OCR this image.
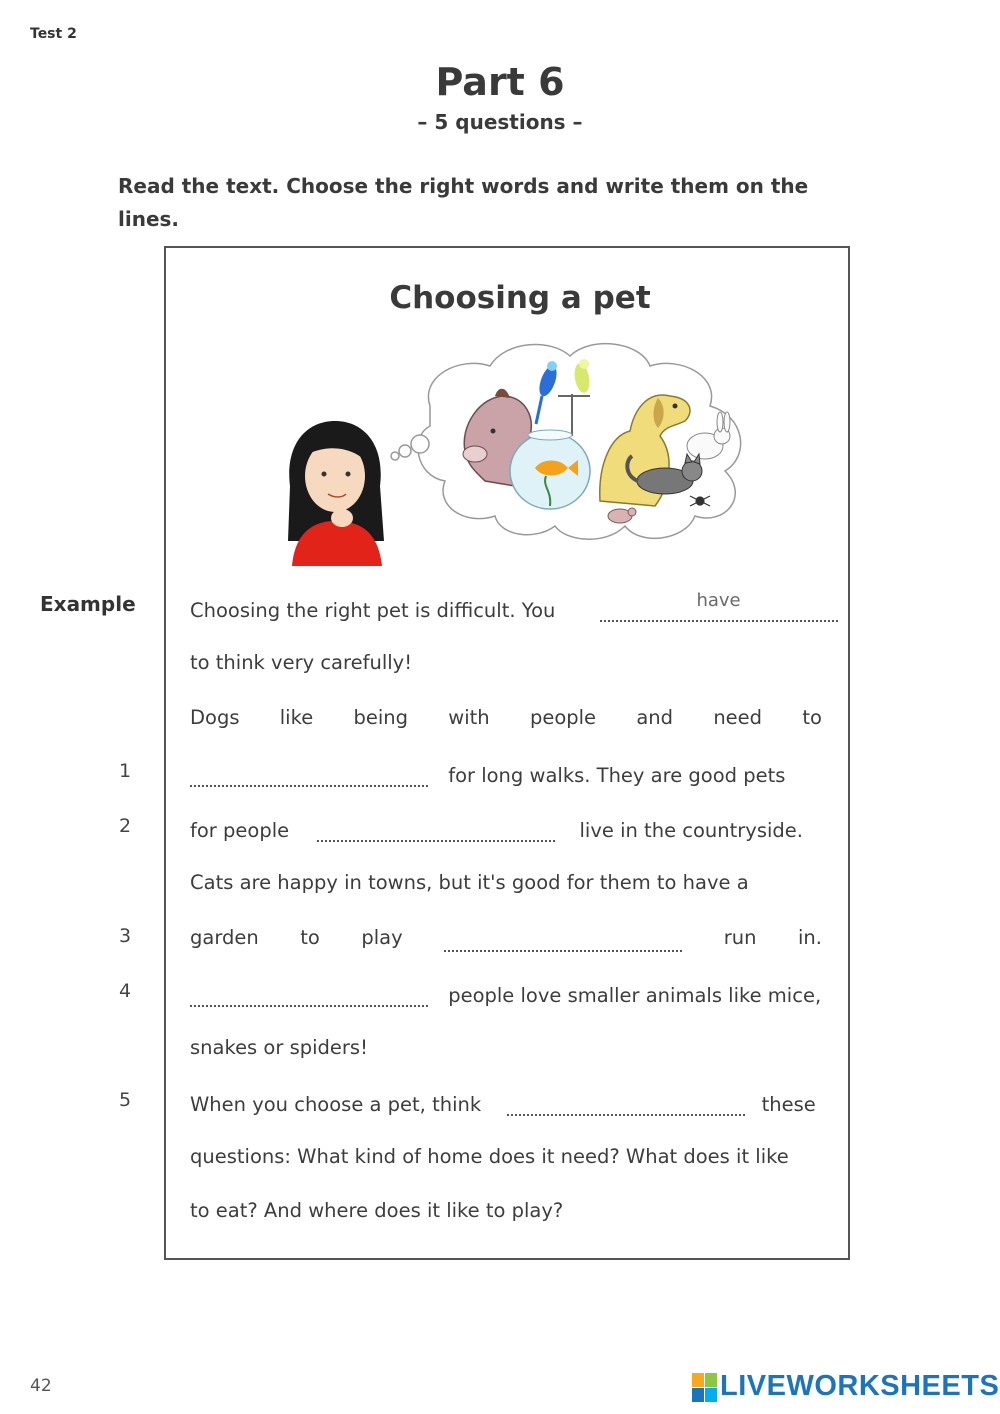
Test 2
Part 6
– 5 questions –
Read the text. Choose the right words and write them on the lines.
Choosing a pet
Example	Choosing the right pet is difficult. You	have
to think very carefully!
Dogs like being with people and need to
1	for long walks. They are good pets
2	for people	live in the countryside.
Cats are happy in towns, but it's good for them to have a
3	garden to play	run in.
4	people love smaller animals like mice,
snakes or spiders!
5	When you choose a pet, think	these
questions: What kind of home does it need? What does it like
to eat? And where does it like to play?
42	LIVEWORKSHEETS
